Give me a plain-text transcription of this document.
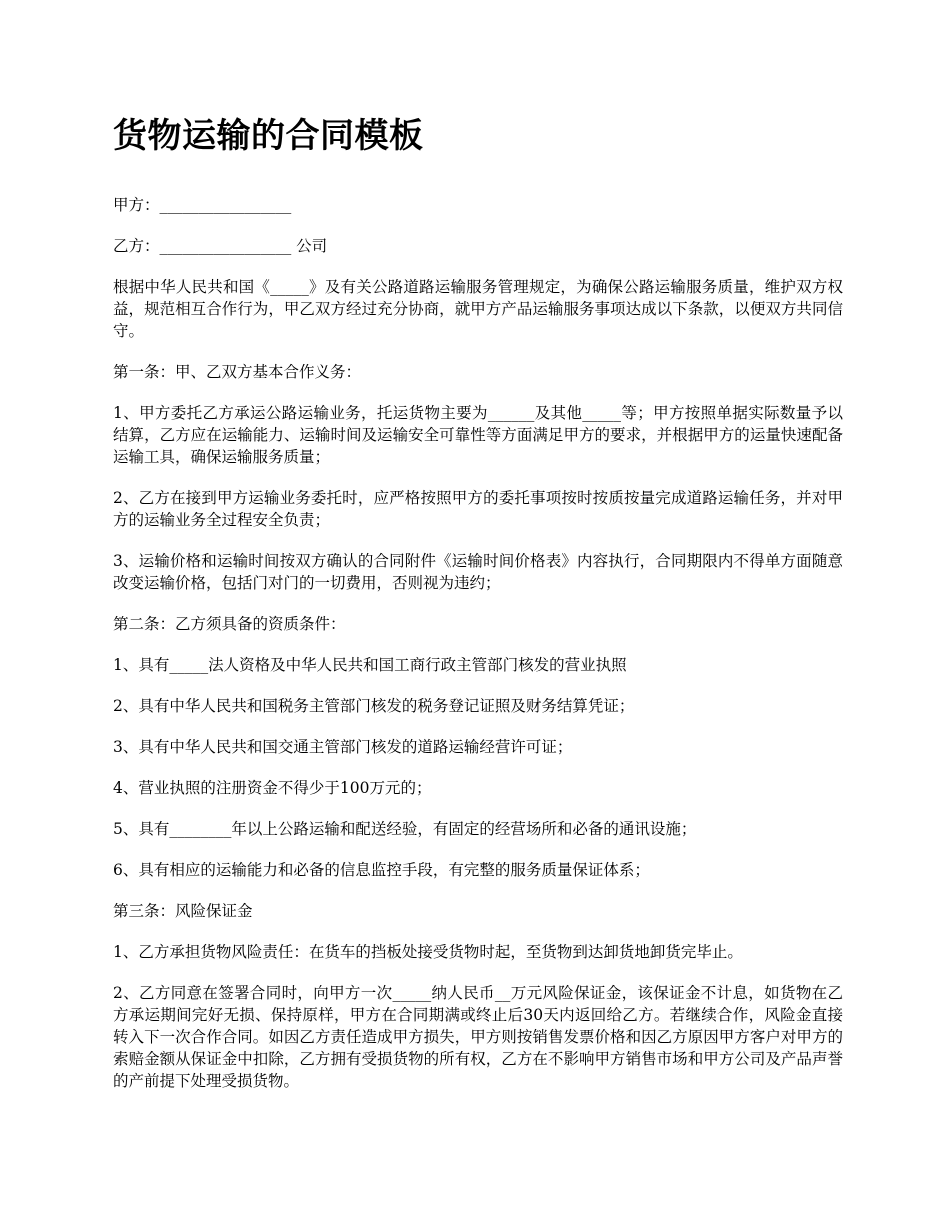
货物运输的合同模板

甲方：_________________

乙方：_________________ 公司

根据中华人民共和国《_____》及有关公路道路运输服务管理规定，为确保公路运输服务质量，维护双方权益，规范相互合作行为，甲乙双方经过充分协商，就甲方产品运输服务事项达成以下条款，以便双方共同信守。

第一条：甲、乙双方基本合作义务：

1、甲方委托乙方承运公路运输业务，托运货物主要为______及其他_____等；甲方按照单据实际数量予以结算，乙方应在运输能力、运输时间及运输安全可靠性等方面满足甲方的要求，并根据甲方的运量快速配备运输工具，确保运输服务质量；

2、乙方在接到甲方运输业务委托时，应严格按照甲方的委托事项按时按质按量完成道路运输任务，并对甲方的运输业务全过程安全负责；

3、运输价格和运输时间按双方确认的合同附件《运输时间价格表》内容执行，合同期限内不得单方面随意改变运输价格，包括门对门的一切费用，否则视为违约；

第二条：乙方须具备的资质条件：

1、具有_____法人资格及中华人民共和国工商行政主管部门核发的营业执照

2、具有中华人民共和国税务主管部门核发的税务登记证照及财务结算凭证；

3、具有中华人民共和国交通主管部门核发的道路运输经营许可证；

4、营业执照的注册资金不得少于100万元的；

5、具有________年以上公路运输和配送经验，有固定的经营场所和必备的通讯设施；

6、具有相应的运输能力和必备的信息监控手段，有完整的服务质量保证体系；

第三条：风险保证金

1、乙方承担货物风险责任：在货车的挡板处接受货物时起，至货物到达卸货地卸货完毕止。

2、乙方同意在签署合同时，向甲方一次_____纳人民币__万元风险保证金，该保证金不计息，如货物在乙方承运期间完好无损、保持原样，甲方在合同期满或终止后30天内返回给乙方。若继续合作，风险金直接转入下一次合作合同。如因乙方责任造成甲方损失，甲方则按销售发票价格和因乙方原因甲方客户对甲方的索赔金额从保证金中扣除，乙方拥有受损货物的所有权，乙方在不影响甲方销售市场和甲方公司及产品声誉的产前提下处理受损货物。
